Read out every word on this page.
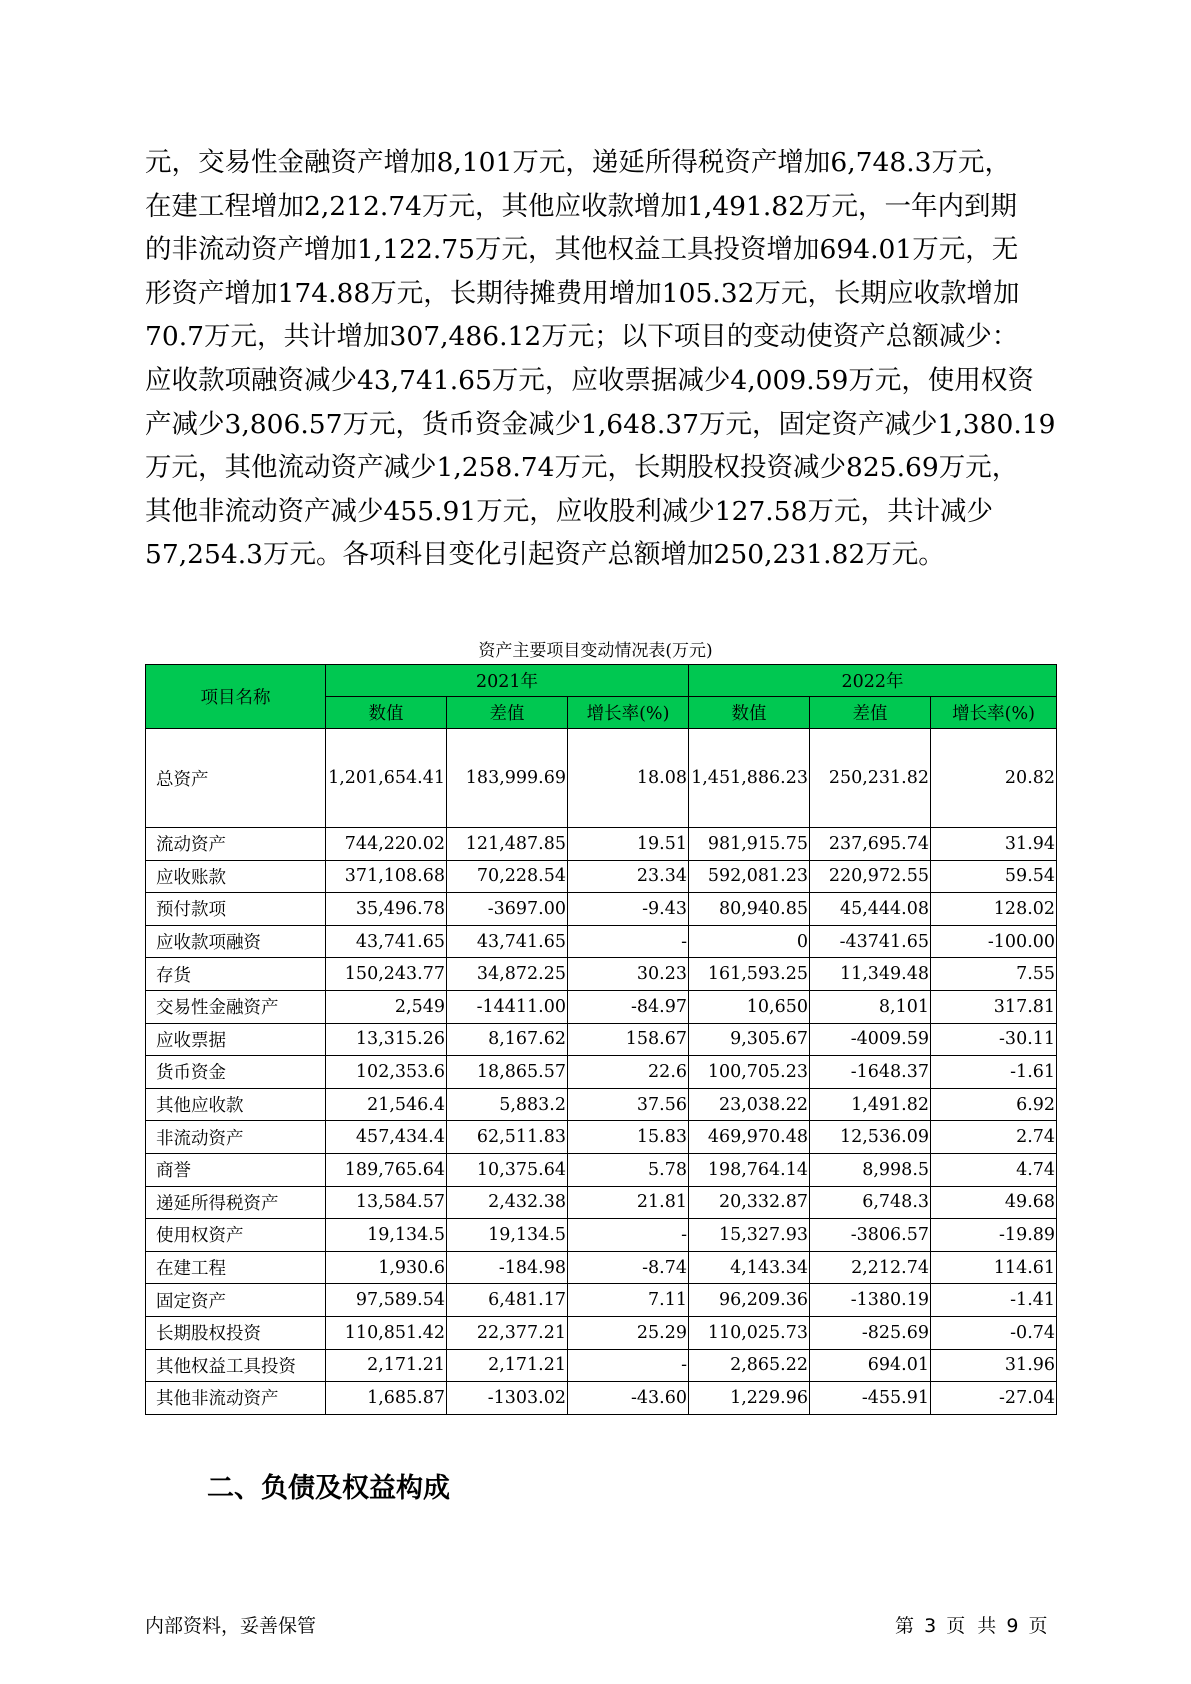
元，交易性金融资产增加8,101万元，递延所得税资产增加6,748.3万元，
在建工程增加2,212.74万元，其他应收款增加1,491.82万元，一年内到期
的非流动资产增加1,122.75万元，其他权益工具投资增加694.01万元，无
形资产增加174.88万元，长期待摊费用增加105.32万元，长期应收款增加
70.7万元，共计增加307,486.12万元；以下项目的变动使资产总额减少：
应收款项融资减少43,741.65万元，应收票据减少4,009.59万元，使用权资
产减少3,806.57万元，货币资金减少1,648.37万元，固定资产减少1,380.19
万元，其他流动资产减少1,258.74万元，长期股权投资减少825.69万元，
其他非流动资产减少455.91万元，应收股利减少127.58万元，共计减少
57,254.3万元。各项科目变化引起资产总额增加250,231.82万元。
资产主要项目变动情况表(万元)
项目名称	2021年			2022年		
	数值	差值	增长率(%)	数值	差值	增长率(%)
总资产	1,201,654.41	183,999.69	18.08	1,451,886.23	250,231.82	20.82
流动资产	744,220.02	121,487.85	19.51	981,915.75	237,695.74	31.94
应收账款	371,108.68	70,228.54	23.34	592,081.23	220,972.55	59.54
预付款项	35,496.78	-3697.00	-9.43	80,940.85	45,444.08	128.02
应收款项融资	43,741.65	43,741.65	-	0	-43741.65	-100.00
存货	150,243.77	34,872.25	30.23	161,593.25	11,349.48	7.55
交易性金融资产	2,549	-14411.00	-84.97	10,650	8,101	317.81
应收票据	13,315.26	8,167.62	158.67	9,305.67	-4009.59	-30.11
货币资金	102,353.6	18,865.57	22.6	100,705.23	-1648.37	-1.61
其他应收款	21,546.4	5,883.2	37.56	23,038.22	1,491.82	6.92
非流动资产	457,434.4	62,511.83	15.83	469,970.48	12,536.09	2.74
商誉	189,765.64	10,375.64	5.78	198,764.14	8,998.5	4.74
递延所得税资产	13,584.57	2,432.38	21.81	20,332.87	6,748.3	49.68
使用权资产	19,134.5	19,134.5	-	15,327.93	-3806.57	-19.89
在建工程	1,930.6	-184.98	-8.74	4,143.34	2,212.74	114.61
固定资产	97,589.54	6,481.17	7.11	96,209.36	-1380.19	-1.41
长期股权投资	110,851.42	22,377.21	25.29	110,025.73	-825.69	-0.74
其他权益工具投资	2,171.21	2,171.21	-	2,865.22	694.01	31.96
其他非流动资产	1,685.87	-1303.02	-43.60	1,229.96	-455.91	-27.04
二、负债及权益构成
内部资料，妥善保管	第 3 页  共 9 页
